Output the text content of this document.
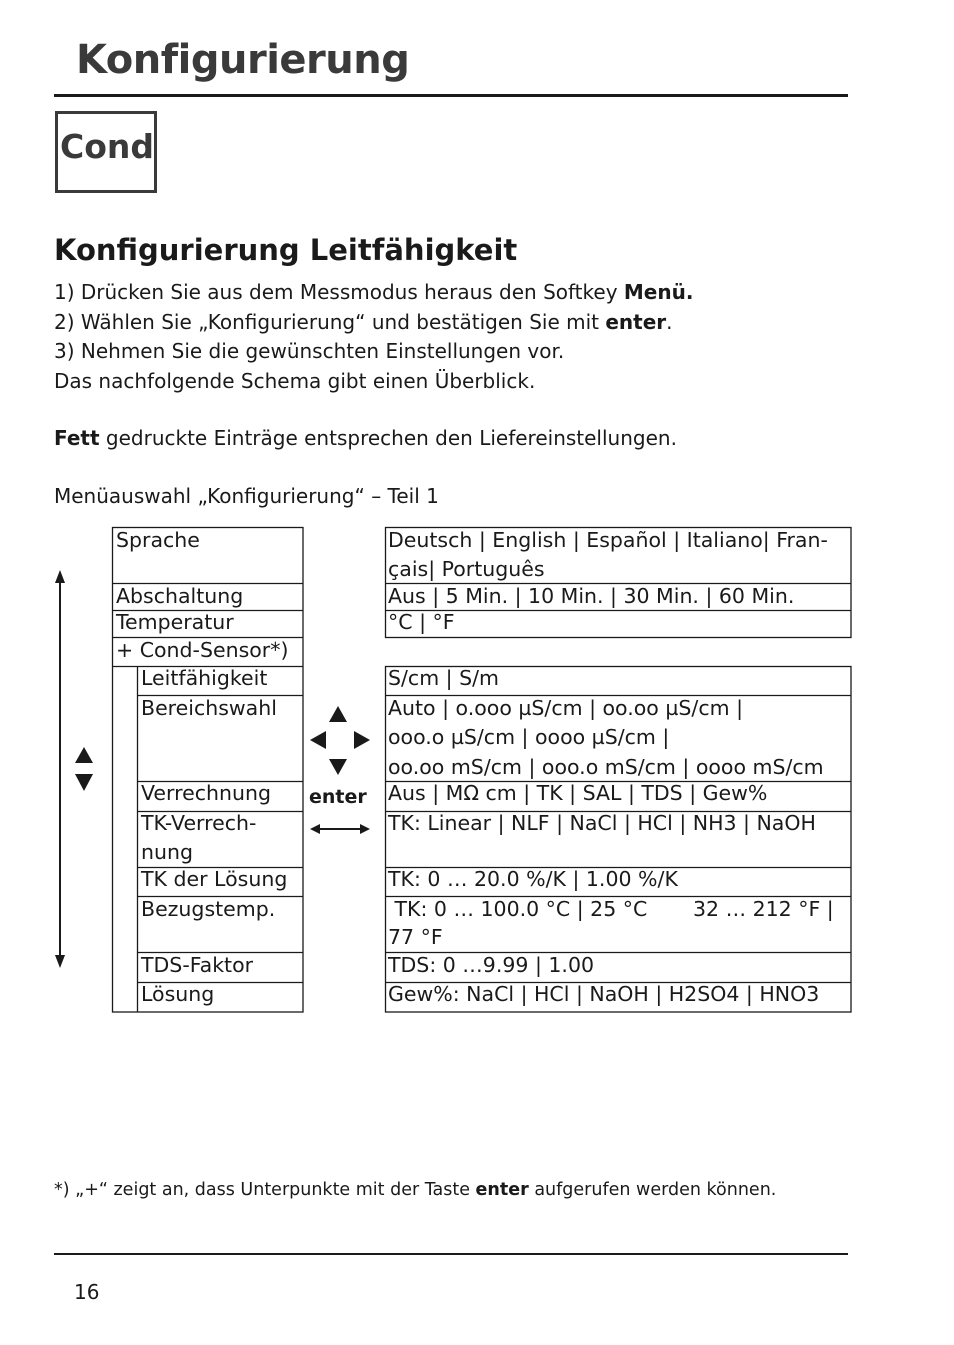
Konfigurierung
Cond
Konfigurierung Leitfähigkeit
1) Drücken Sie aus dem Messmodus heraus den Softkey Menü.
2) Wählen Sie „Konfigurierung“ und bestätigen Sie mit enter.
3) Nehmen Sie die gewünschten Einstellungen vor.
Das nachfolgende Schema gibt einen Überblick.
Fett gedruckte Einträge entsprechen den Liefereinstellungen.
Menüauswahl „Konfigurierung“ – Teil 1
Sprache
Abschaltung
Temperatur
+ Cond-Sensor*)
Leitfähigkeit
Bereichswahl
Verrechnung
TK-Verrech-
nung
TK der Lösung
Bezugstemp.
TDS-Faktor
Lösung
enter
Deutsch | English | Español | Italiano| Fran-
çais| Português
Aus | 5 Min. | 10 Min. | 30 Min. | 60 Min.
°C | °F
S/cm | S/m
Auto | o.ooo µS/cm | oo.oo µS/cm |
ooo.o µS/cm | oooo µS/cm |
oo.oo mS/cm | ooo.o mS/cm | oooo mS/cm
Aus | MΩ cm | TK | SAL | TDS | Gew%
TK: Linear | NLF | NaCl | HCl | NH3 | NaOH
TK: 0 … 20.0 %/K | 1.00 %/K
TK: 0 … 100.0 °C | 25 °C       32 … 212 °F |
77 °F
TDS: 0 …9.99 | 1.00
Gew%: NaCl | HCl | NaOH | H2SO4 | HNO3
*) „+“ zeigt an, dass Unterpunkte mit der Taste enter aufgerufen werden können.
16
